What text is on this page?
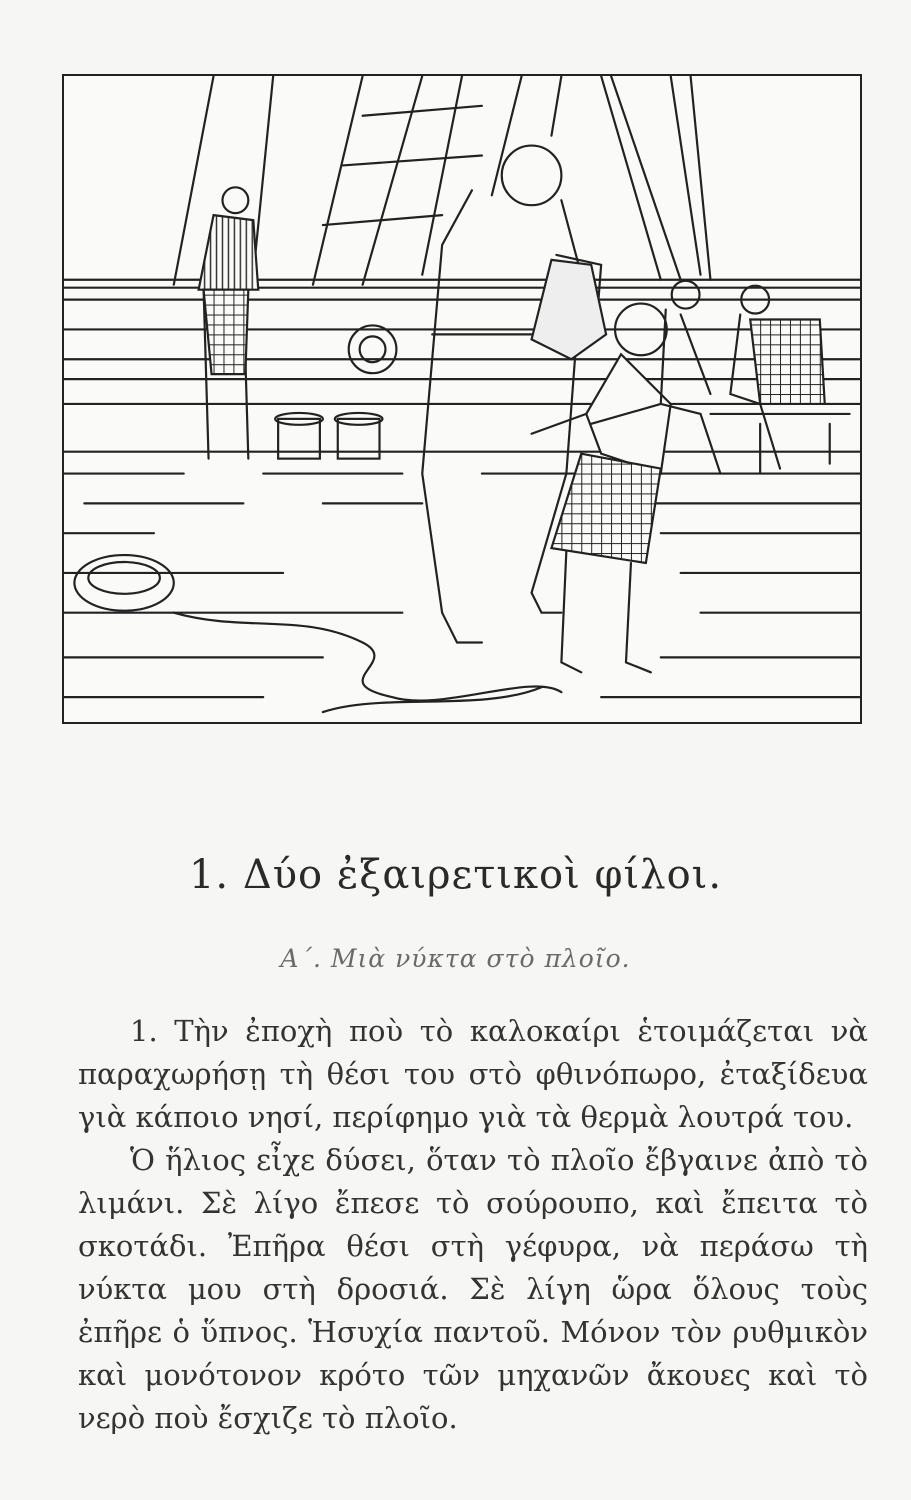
1. Δύο ἐξαιρετικοὶ φίλοι.
Α΄. Μιὰ νύκτα στὸ πλοῖο.

1. Τὴν ἐποχὴ ποὺ τὸ καλοκαίρι ἑτοιμάζεται νὰ παραχωρήσῃ τὴ θέσι του στὸ φθινόπωρο, ἐταξίδευα γιὰ κάποιο νησί, περίφημο γιὰ τὰ θερμὰ λουτρά του.

Ὁ ἥλιος εἶχε δύσει, ὅταν τὸ πλοῖο ἔβγαινε ἀπὸ τὸ λιμάνι. Σὲ λίγο ἔπεσε τὸ σούρουπο, καὶ ἔπειτα τὸ σκοτάδι. Ἐπῆρα θέσι στὴ γέφυρα, νὰ περάσω τὴ νύκτα μου στὴ δροσιά. Σὲ λίγη ὥρα ὅλους τοὺς ἐπῆρε ὁ ὕπνος. Ἡσυχία παντοῦ. Μόνον τὸν ρυθμικὸν καὶ μονότονον κρότο τῶν μηχανῶν ἄκουες καὶ τὸ νερὸ ποὺ ἔσχιζε τὸ πλοῖο.
